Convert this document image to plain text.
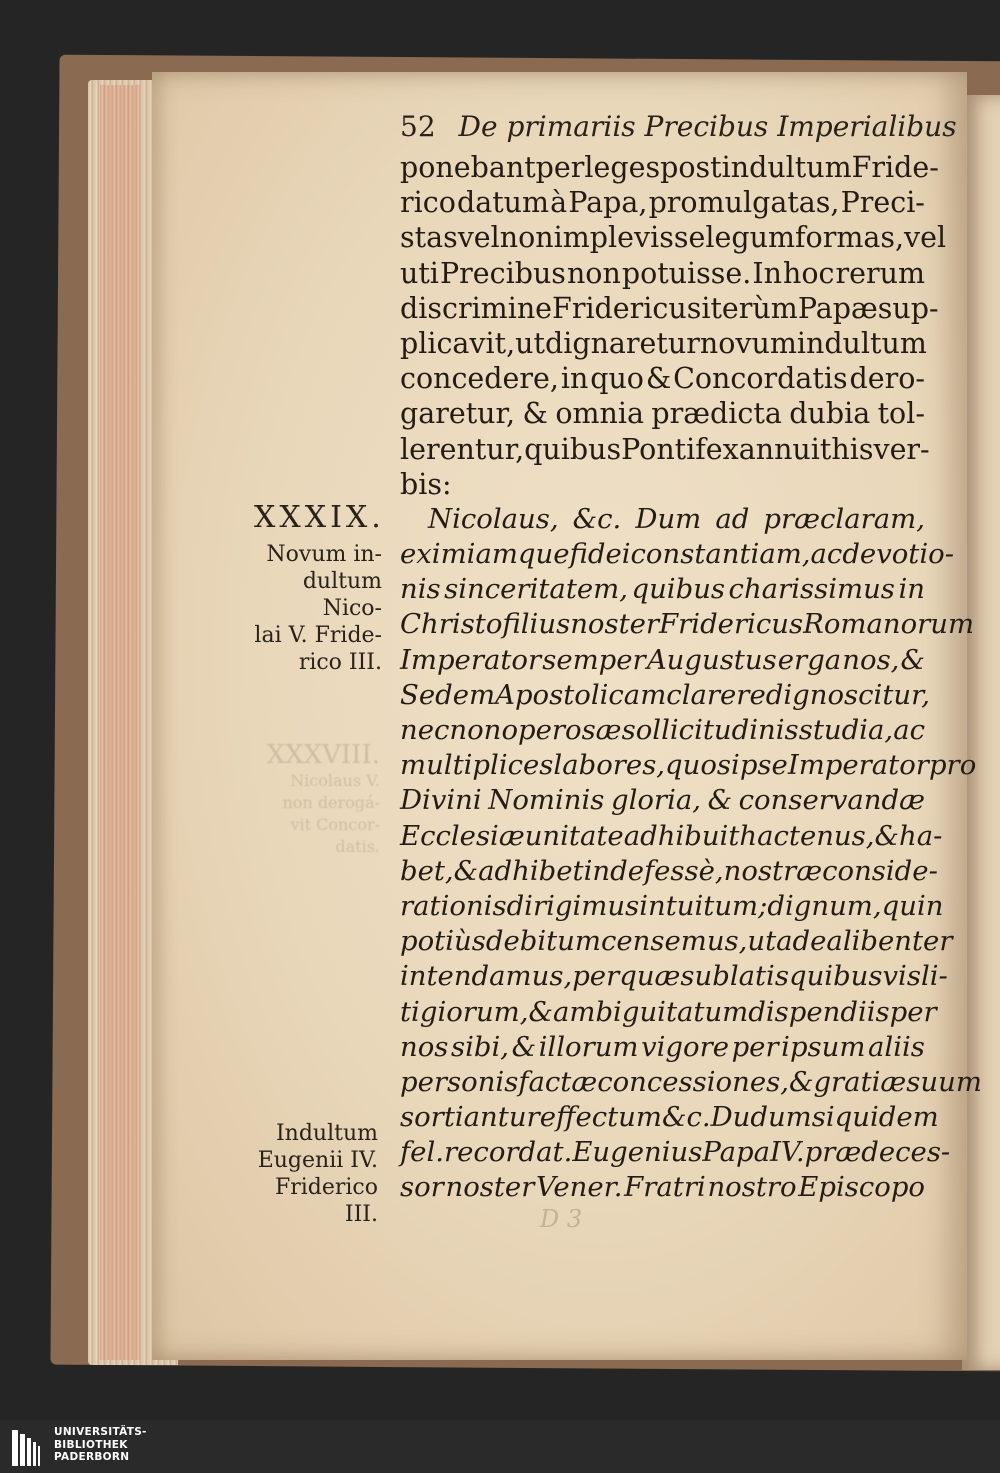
XXXVIII.
Nicolaus V.
non derogá-
vit Concor-
datis.
52 De primariis Precibus Imperialibus
XXXIX.
Novum in-
dultum Nico-
lai V. Fride-
rico III.
Indultum
Eugenii IV.
Friderico III.
ponebant per leges post indultum Fride-
rico datum à Papa, promulgatas, Preci-
stas vel non implevisse legum formas, vel
uti Precibus non potuisse. In hoc rerum
discrimine Fridericus iterùm Papæ sup-
plicavit, ut dignaretur novum indultum
concedere, in quo & Concordatis dero-
garetur, & omnia prædicta dubia tol-
lerentur, quibus Pontifex annuit his ver-
bis:
Nicolaus, &c. Dum ad præclaram,
eximiamque fidei constantiam, ac devotio-
nis sinceritatem, quibus charissimus in
Christo filius noster Fridericus Romanorum
Imperator semper Augustus erga nos, &
Sedem Apostolicam clarere dignoscitur,
necnon operosæ sollicitudinis studia, ac
multiplices labores, quos ipse Imperator pro
Divini Nominis gloria, & conservandæ
Ecclesiæ unitate adhibuit hactenus, & ha-
bet, & adhibet indefessè, nostræ conside-
rationis dirigimus intuitum; dignum, quin
potiùs debitum censemus, ut ad ea libenter
intendamus, per quæ sublatis quibusvis li-
tigiorum, & ambiguitatum dispendiis per
nos sibi, & illorum vigore per ipsum aliis
personis factæ concessiones, & gratiæ suum
sortiantur effectum &c. Dudum siquidem
fel. recordat. Eugenius Papa IV. prædeces-
sor noster Vener. Fratri nostro Episcopo
D 3
UNIVERSITÄTS-
BIBLIOTHEK
PADERBORN
